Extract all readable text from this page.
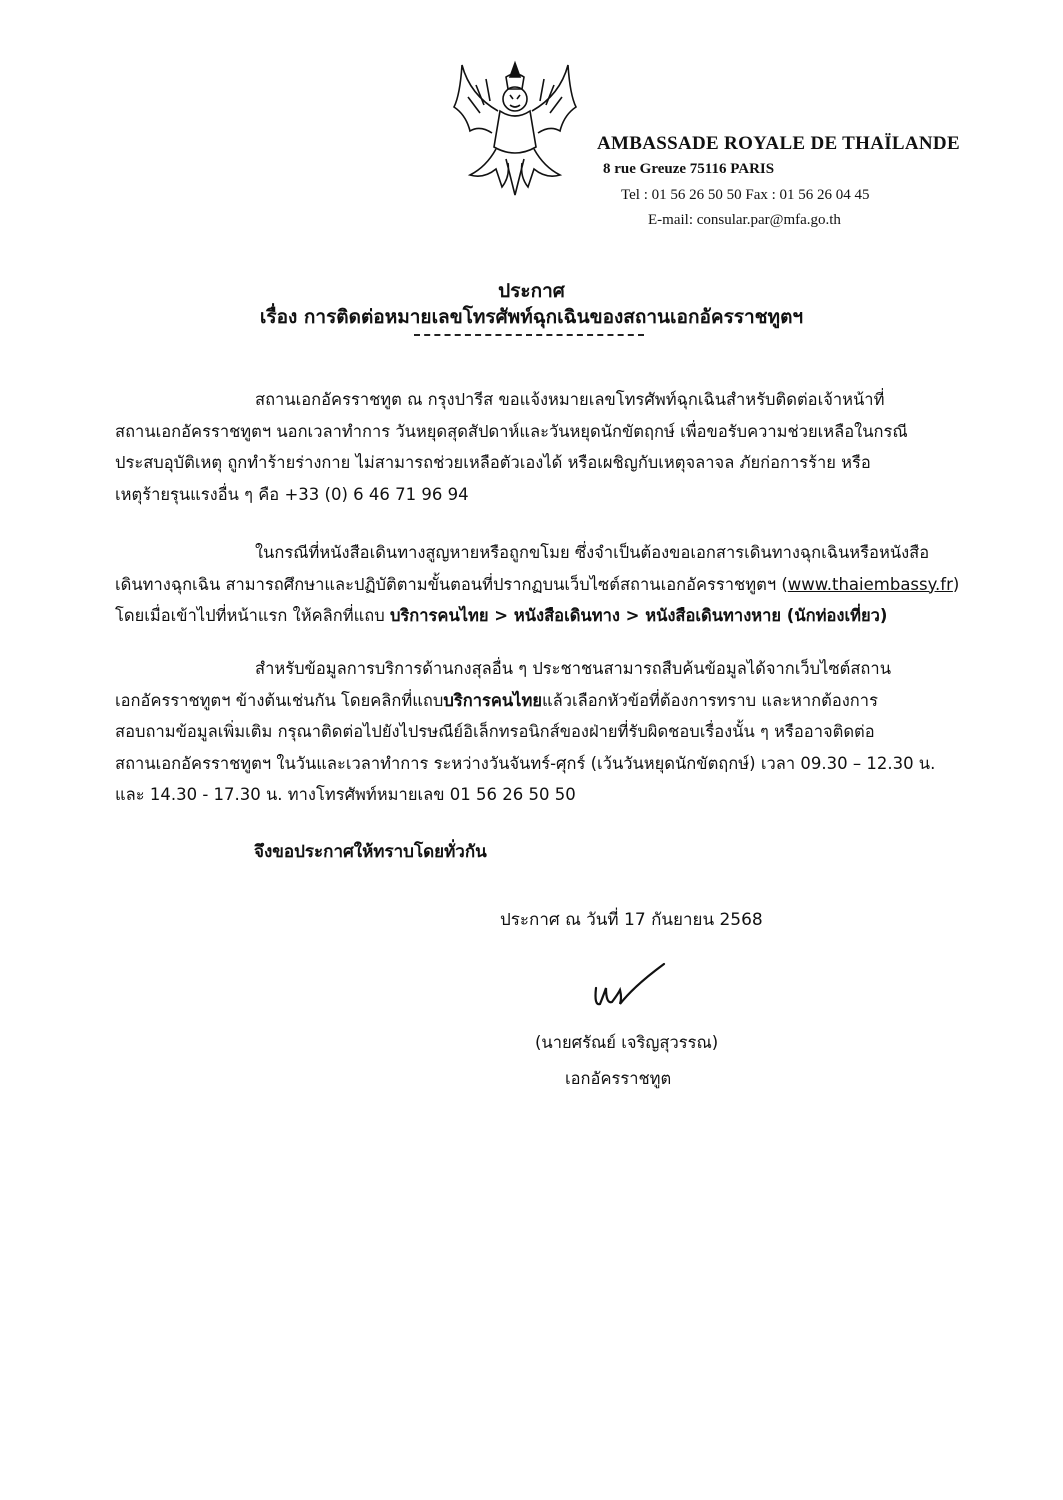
AMBASSADE ROYALE DE THAÏLANDE
8 rue Greuze 75116 PARIS
Tel : 01 56 26 50 50 Fax : 01 56 26 04 45
E-mail: consular.par@mfa.go.th
ประกาศ
เรื่อง การติดต่อหมายเลขโทรศัพท์ฉุกเฉินของสถานเอกอัครราชทูตฯ
สถานเอกอัครราชทูต ณ กรุงปารีส ขอแจ้งหมายเลขโทรศัพท์ฉุกเฉินสำหรับติดต่อเจ้าหน้าที่
สถานเอกอัครราชทูตฯ นอกเวลาทำการ วันหยุดสุดสัปดาห์และวันหยุดนักขัตฤกษ์ เพื่อขอรับความช่วยเหลือในกรณี
ประสบอุบัติเหตุ ถูกทำร้ายร่างกาย ไม่สามารถช่วยเหลือตัวเองได้ หรือเผชิญกับเหตุจลาจล ภัยก่อการร้าย หรือ
เหตุร้ายรุนแรงอื่น ๆ คือ +33 (0) 6 46 71 96 94
ในกรณีที่หนังสือเดินทางสูญหายหรือถูกขโมย ซึ่งจำเป็นต้องขอเอกสารเดินทางฉุกเฉินหรือหนังสือ
เดินทางฉุกเฉิน สามารถศึกษาและปฏิบัติตามขั้นตอนที่ปรากฏบนเว็บไซต์สถานเอกอัครราชทูตฯ (www.thaiembassy.fr)
โดยเมื่อเข้าไปที่หน้าแรก ให้คลิกที่แถบ บริการคนไทย > หนังสือเดินทาง > หนังสือเดินทางหาย (นักท่องเที่ยว)
สำหรับข้อมูลการบริการด้านกงสุลอื่น ๆ ประชาชนสามารถสืบค้นข้อมูลได้จากเว็บไซต์สถาน
เอกอัครราชทูตฯ ข้างต้นเช่นกัน โดยคลิกที่แถบบริการคนไทยแล้วเลือกหัวข้อที่ต้องการทราบ และหากต้องการ
สอบถามข้อมูลเพิ่มเติม กรุณาติดต่อไปยังไปรษณีย์อิเล็กทรอนิกส์ของฝ่ายที่รับผิดชอบเรื่องนั้น ๆ หรืออาจติดต่อ
สถานเอกอัครราชทูตฯ ในวันและเวลาทำการ ระหว่างวันจันทร์-ศุกร์ (เว้นวันหยุดนักขัตฤกษ์) เวลา 09.30 – 12.30 น.
และ 14.30 - 17.30 น. ทางโทรศัพท์หมายเลข 01 56 26 50 50
จึงขอประกาศให้ทราบโดยทั่วกัน
ประกาศ ณ วันที่ 17 กันยายน 2568
(นายศรัณย์ เจริญสุวรรณ)
เอกอัครราชทูต
